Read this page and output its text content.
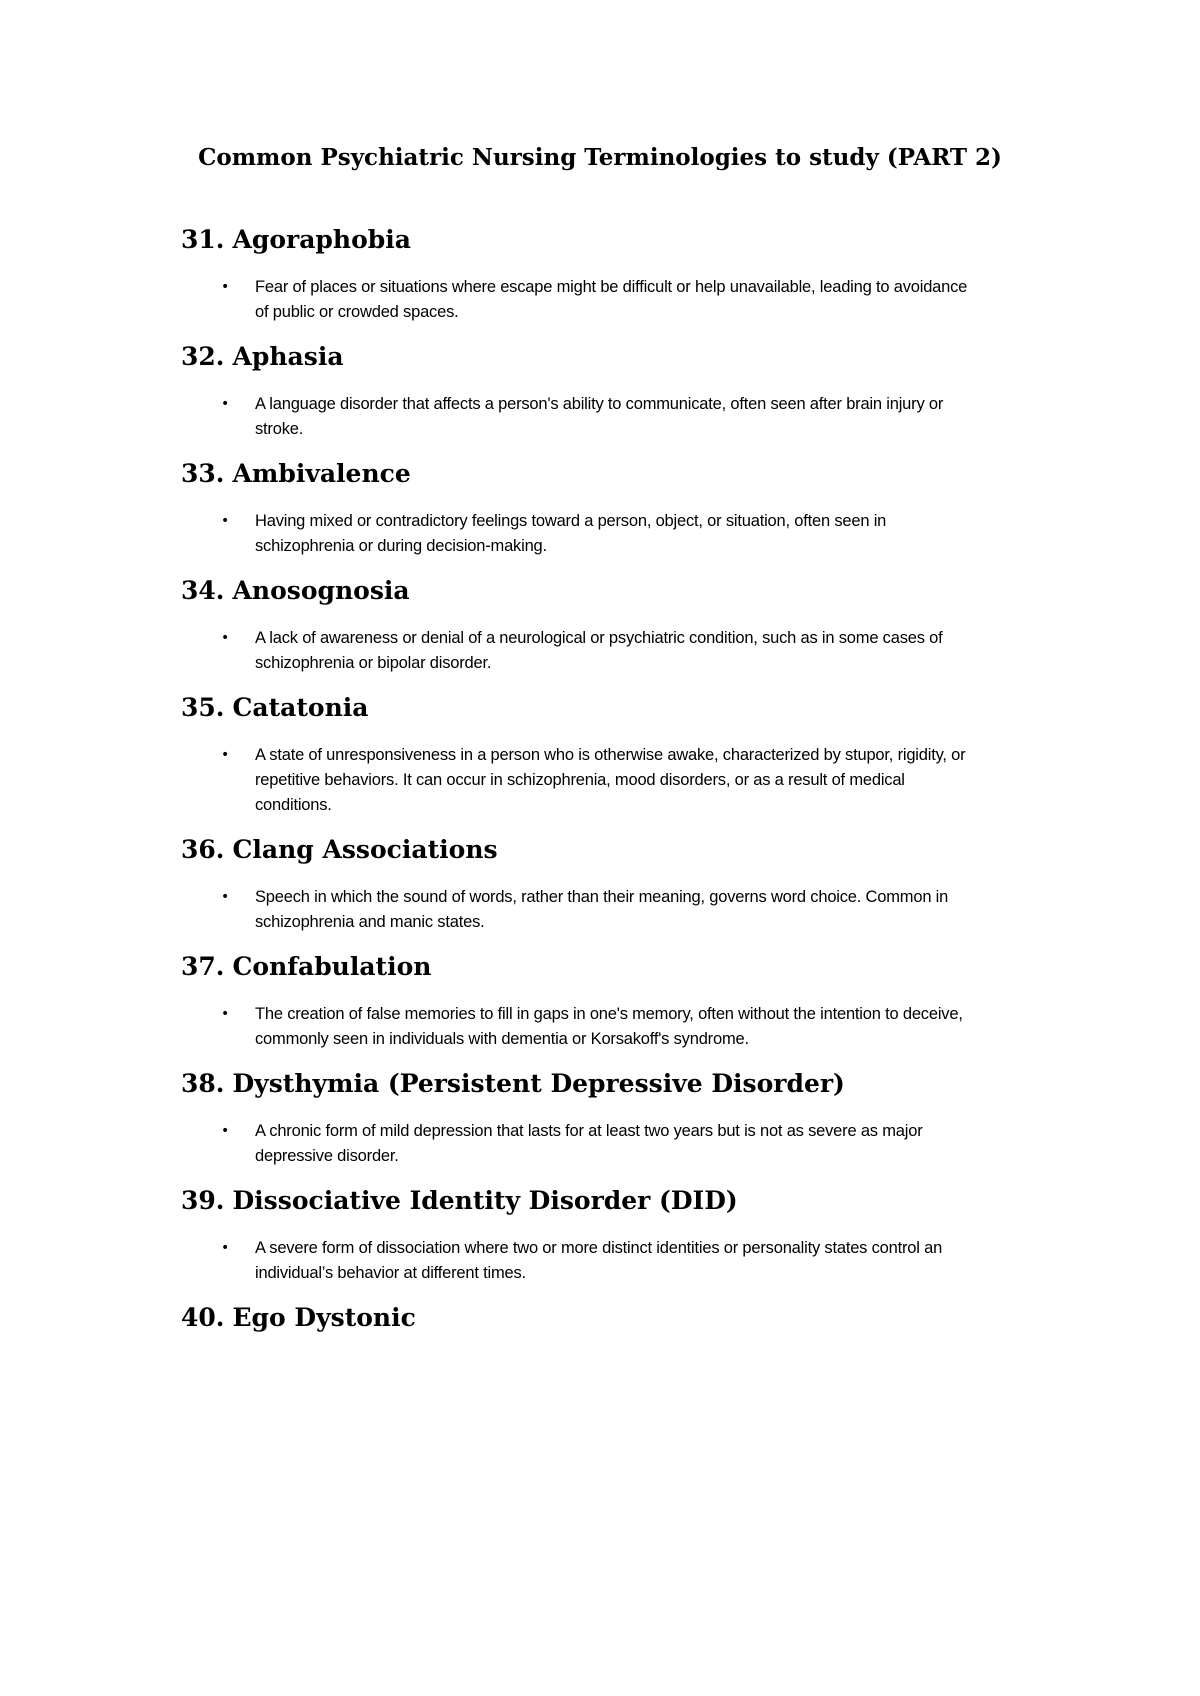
Common Psychiatric Nursing Terminologies to study (PART 2)
31. Agoraphobia
• Fear of places or situations where escape might be difficult or help unavailable, leading to avoidance of public or crowded spaces.
32. Aphasia
• A language disorder that affects a person's ability to communicate, often seen after brain injury or stroke.
33. Ambivalence
• Having mixed or contradictory feelings toward a person, object, or situation, often seen in schizophrenia or during decision-making.
34. Anosognosia
• A lack of awareness or denial of a neurological or psychiatric condition, such as in some cases of schizophrenia or bipolar disorder.
35. Catatonia
• A state of unresponsiveness in a person who is otherwise awake, characterized by stupor, rigidity, or repetitive behaviors. It can occur in schizophrenia, mood disorders, or as a result of medical conditions.
36. Clang Associations
• Speech in which the sound of words, rather than their meaning, governs word choice. Common in schizophrenia and manic states.
37. Confabulation
• The creation of false memories to fill in gaps in one's memory, often without the intention to deceive, commonly seen in individuals with dementia or Korsakoff's syndrome.
38. Dysthymia (Persistent Depressive Disorder)
• A chronic form of mild depression that lasts for at least two years but is not as severe as major depressive disorder.
39. Dissociative Identity Disorder (DID)
• A severe form of dissociation where two or more distinct identities or personality states control an individual’s behavior at different times.
40. Ego Dystonic
